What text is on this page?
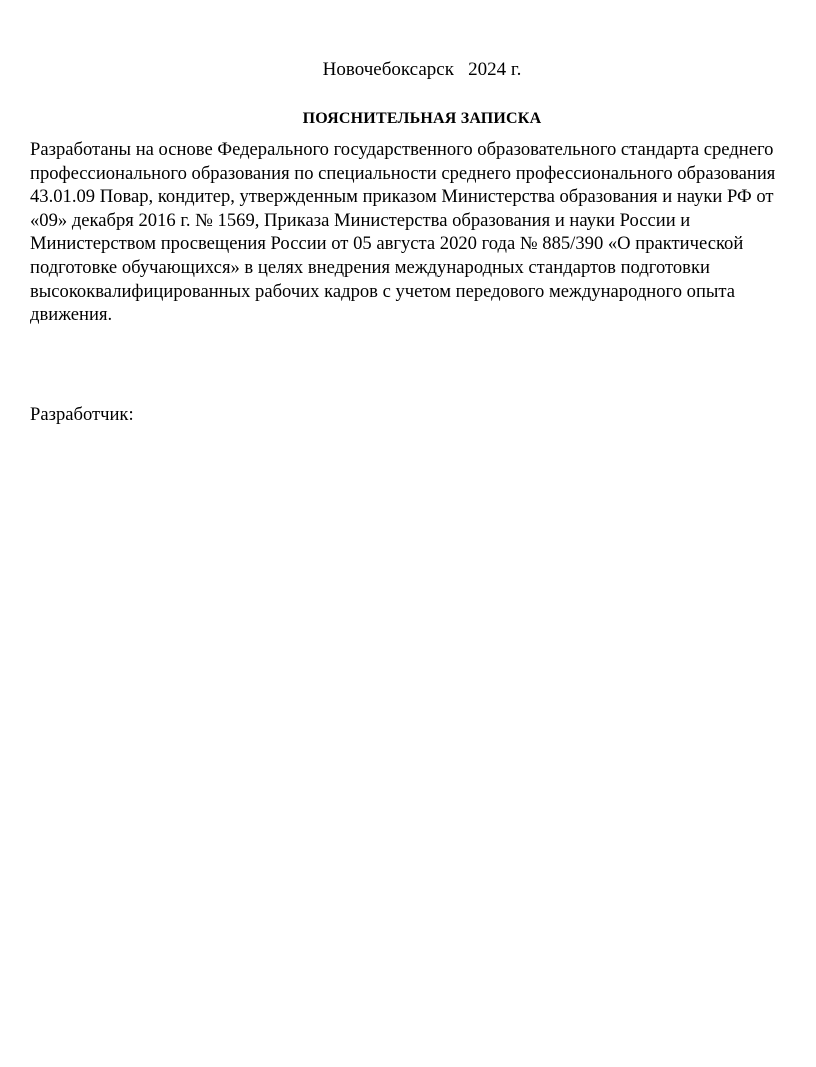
Новочебоксарск   2024 г.
ПОЯСНИТЕЛЬНАЯ ЗАПИСКА
Разработаны на основе Федерального государственного образовательного стандарта среднего
профессионального образования по специальности среднего профессионального образования
43.01.09 Повар, кондитер, утвержденным приказом Министерства образования и науки РФ от
«09» декабря 2016 г. № 1569, Приказа Министерства образования и науки России и
Министерством просвещения России от 05 августа 2020 года № 885/390 «О практической
подготовке обучающихся» в целях внедрения международных стандартов подготовки
высококвалифицированных рабочих кадров с учетом передового международного опыта
движения.
Разработчик:
